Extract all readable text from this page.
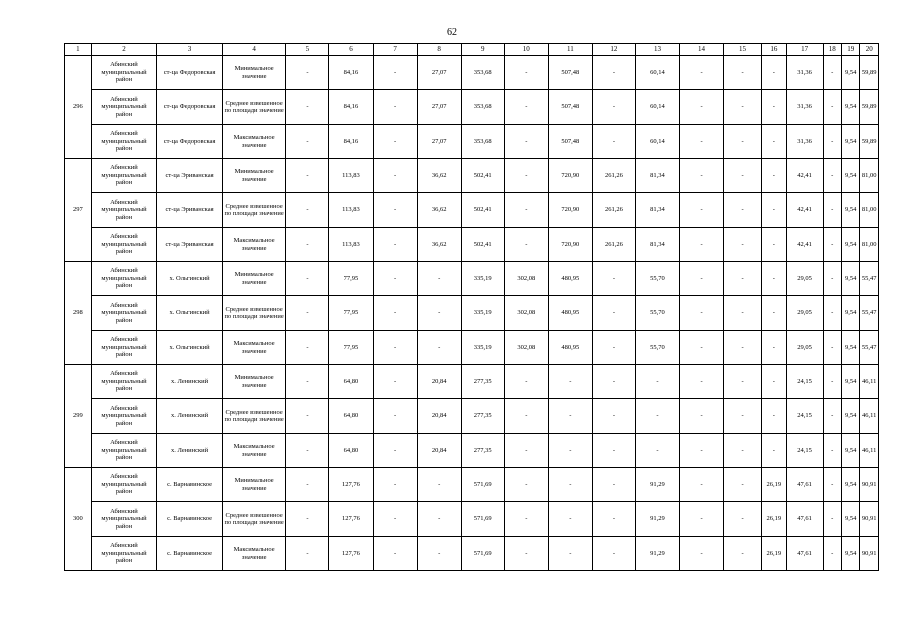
62
1	2	3	4	5	6	7	8	9	10	11	12	13	14	15	16	17	18	19	20
296	Абинский муниципальный район	ст-ца Федоровская	Минимальное значение	-	84,16	-	27,07	353,68	-	507,48	-	60,14	-	-	-	31,36	-	9,54	59,89
	Абинский муниципальный район	ст-ца Федоровская	Среднее взвешенное по площади значение	-	84,16	-	27,07	353,68	-	507,48	-	60,14	-	-	-	31,36	-	9,54	59,89
	Абинский муниципальный район	ст-ца Федоровская	Максимальное значение	-	84,16	-	27,07	353,68	-	507,48	-	60,14	-	-	-	31,36	-	9,54	59,89
297	Абинский муниципальный район	ст-ца Эриванская	Минимальное значение	-	113,83	-	36,62	502,41	-	720,90	261,26	81,34	-	-	-	42,41	-	9,54	81,00
	Абинский муниципальный район	ст-ца Эриванская	Среднее взвешенное по площади значение	-	113,83	-	36,62	502,41	-	720,90	261,26	81,34	-	-	-	42,41	-	9,54	81,00
	Абинский муниципальный район	ст-ца Эриванская	Максимальное значение	-	113,83	-	36,62	502,41	-	720,90	261,26	81,34	-	-	-	42,41	-	9,54	81,00
298	Абинский муниципальный район	х. Ольгинский	Минимальное значение	-	77,95	-	-	335,19	302,08	480,95	-	55,70	-	-	-	29,05	-	9,54	55,47
	Абинский муниципальный район	х. Ольгинский	Среднее взвешенное по площади значение	-	77,95	-	-	335,19	302,08	480,95	-	55,70	-	-	-	29,05	-	9,54	55,47
	Абинский муниципальный район	х. Ольгинский	Максимальное значение	-	77,95	-	-	335,19	302,08	480,95	-	55,70	-	-	-	29,05	-	9,54	55,47
299	Абинский муниципальный район	х. Ленинский	Минимальное значение	-	64,80	-	20,84	277,35	-	-	-	-	-	-	-	24,15	-	9,54	46,11
	Абинский муниципальный район	х. Ленинский	Среднее взвешенное по площади значение	-	64,80	-	20,84	277,35	-	-	-	-	-	-	-	24,15	-	9,54	46,11
	Абинский муниципальный район	х. Ленинский	Максимальное значение	-	64,80	-	20,84	277,35	-	-	-	-	-	-	-	24,15	-	9,54	46,11
300	Абинский муниципальный район	с. Варнавинское	Минимальное значение	-	127,76	-	-	571,69	-	-	-	91,29	-	-	26,19	47,61	-	9,54	90,91
	Абинский муниципальный район	с. Варнавинское	Среднее взвешенное по площади значение	-	127,76	-	-	571,69	-	-	-	91,29	-	-	26,19	47,61	-	9,54	90,91
	Абинский муниципальный район	с. Варнавинское	Максимальное значение	-	127,76	-	-	571,69	-	-	-	91,29	-	-	26,19	47,61	-	9,54	90,91
